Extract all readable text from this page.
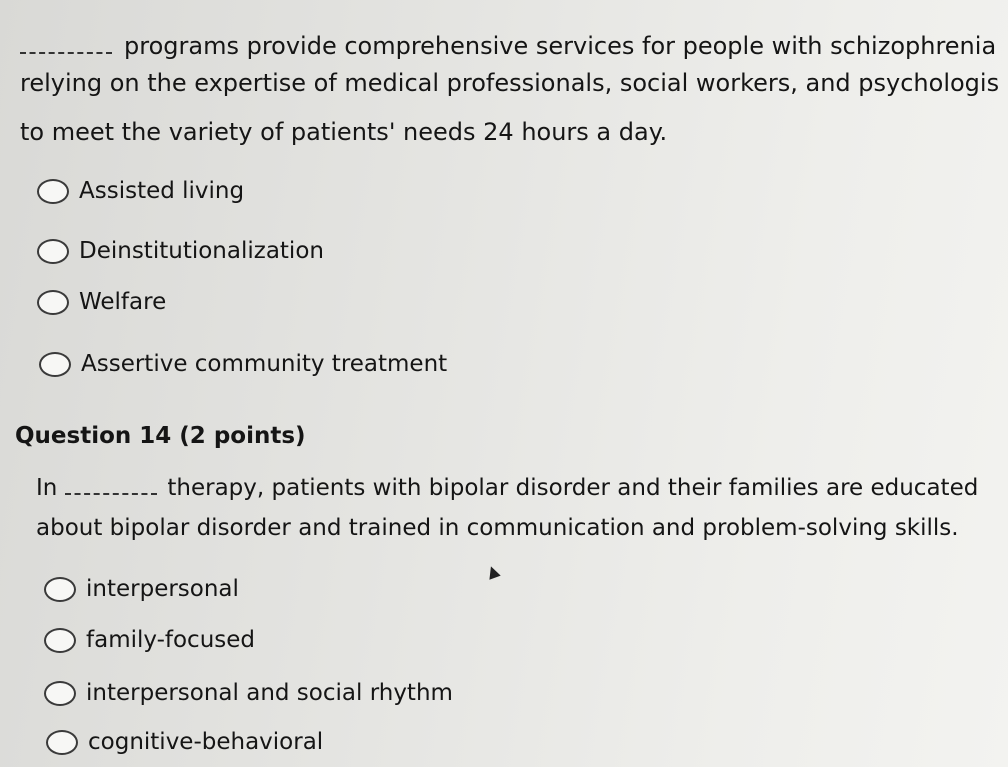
programs provide comprehensive services for people with schizophrenia
relying on the expertise of medical professionals, social workers, and psychologis
to meet the variety of patients' needs 24 hours a day.
Assisted living
Deinstitutionalization
Welfare
Assertive community treatment
Question 14 (2 points)
In	therapy, patients with bipolar disorder and their families are educated
about bipolar disorder and trained in communication and problem-solving skills.
interpersonal
family-focused
interpersonal and social rhythm
cognitive-behavioral
